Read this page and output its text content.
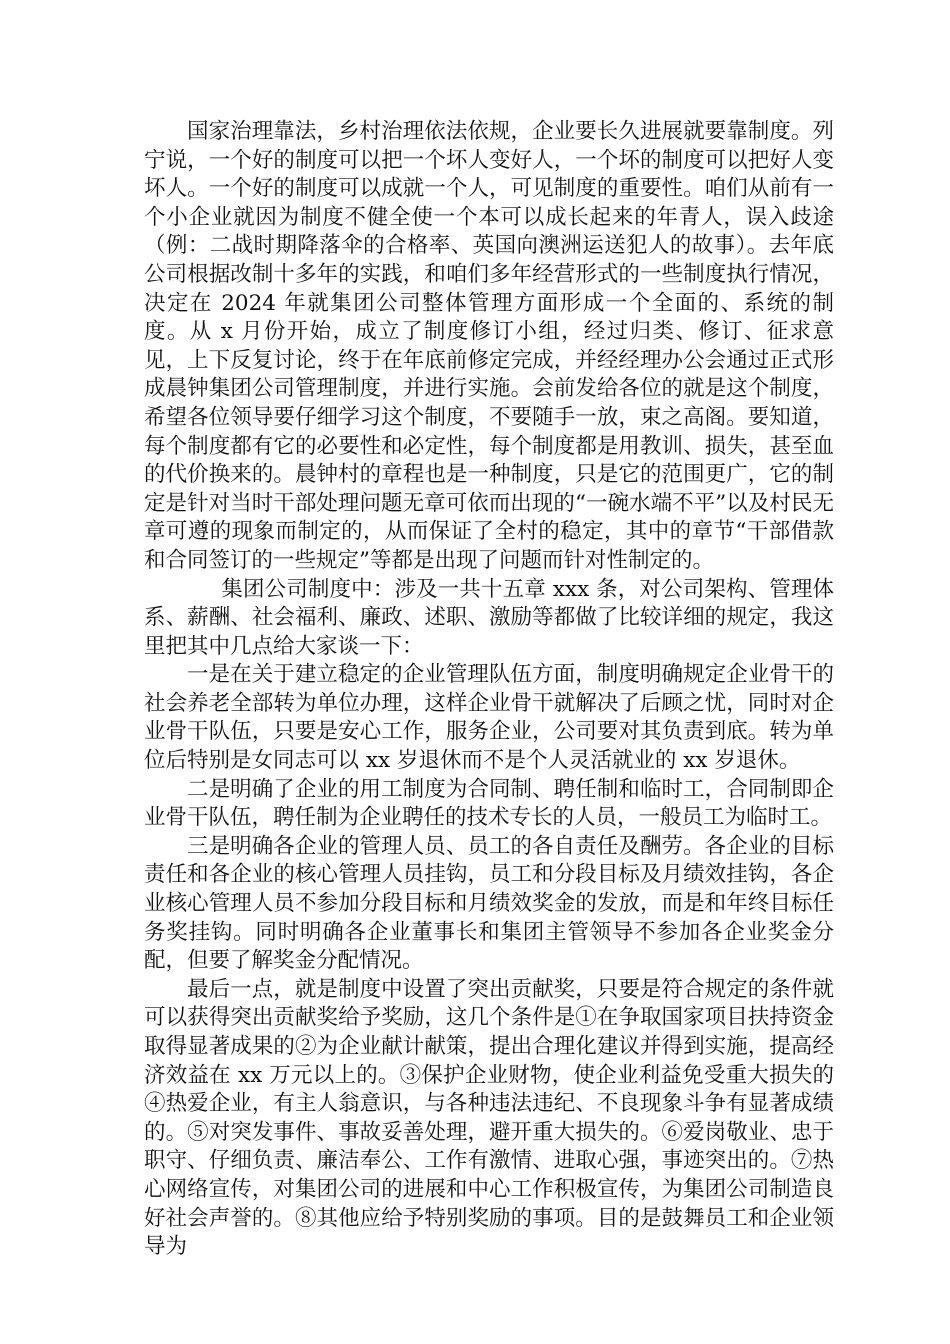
国家治理靠法，乡村治理依法依规，企业要长久进展就要靠制度。列宁说，一个好的制度可以把一个坏人变好人，一个坏的制度可以把好人变坏人。一个好的制度可以成就一个人，可见制度的重要性。咱们从前有一个小企业就因为制度不健全使一个本可以成长起来的年青人，误入歧途（例：二战时期降落伞的合格率、英国向澳洲运送犯人的故事）。去年底公司根据改制十多年的实践，和咱们多年经营形式的一些制度执行情况，决定在 2024 年就集团公司整体管理方面形成一个全面的、系统的制度。从 x 月份开始，成立了制度修订小组，经过归类、修订、征求意见，上下反复讨论，终于在年底前修定完成，并经经理办公会通过正式形成晨钟集团公司管理制度，并进行实施。会前发给各位的就是这个制度，希望各位领导要仔细学习这个制度，不要随手一放，束之高阁。要知道，每个制度都有它的必要性和必定性，每个制度都是用教训、损失，甚至血的代价换来的。晨钟村的章程也是一种制度，只是它的范围更广，它的制定是针对当时干部处理问题无章可依而出现的“一碗水端不平”以及村民无章可遵的现象而制定的，从而保证了全村的稳定，其中的章节“干部借款和合同签订的一些规定”等都是出现了问题而针对性制定的。

集团公司制度中：涉及一共十五章 xxx 条，对公司架构、管理体系、薪酬、社会福利、廉政、述职、激励等都做了比较详细的规定，我这里把其中几点给大家谈一下：

一是在关于建立稳定的企业管理队伍方面，制度明确规定企业骨干的社会养老全部转为单位办理，这样企业骨干就解决了后顾之忧，同时对企业骨干队伍，只要是安心工作，服务企业，公司要对其负责到底。转为单位后特别是女同志可以 xx 岁退休而不是个人灵活就业的 xx 岁退休。

二是明确了企业的用工制度为合同制、聘任制和临时工，合同制即企业骨干队伍，聘任制为企业聘任的技术专长的人员，一般员工为临时工。

三是明确各企业的管理人员、员工的各自责任及酬劳。各企业的目标责任和各企业的核心管理人员挂钩，员工和分段目标及月绩效挂钩，各企业核心管理人员不参加分段目标和月绩效奖金的发放，而是和年终目标任务奖挂钩。同时明确各企业董事长和集团主管领导不参加各企业奖金分配，但要了解奖金分配情况。

最后一点，就是制度中设置了突出贡献奖，只要是符合规定的条件就可以获得突出贡献奖给予奖励，这几个条件是①在争取国家项目扶持资金取得显著成果的②为企业献计献策，提出合理化建议并得到实施，提高经济效益在 xx 万元以上的。③保护企业财物，使企业利益免受重大损失的④热爱企业，有主人翁意识，与各种违法违纪、不良现象斗争有显著成绩的。⑤对突发事件、事故妥善处理，避开重大损失的。⑥爱岗敬业、忠于职守、仔细负责、廉洁奉公、工作有激情、进取心强，事迹突出的。⑦热心网络宣传，对集团公司的进展和中心工作积极宣传，为集团公司制造良好社会声誉的。⑧其他应给予特别奖励的事项。目的是鼓舞员工和企业领导为
